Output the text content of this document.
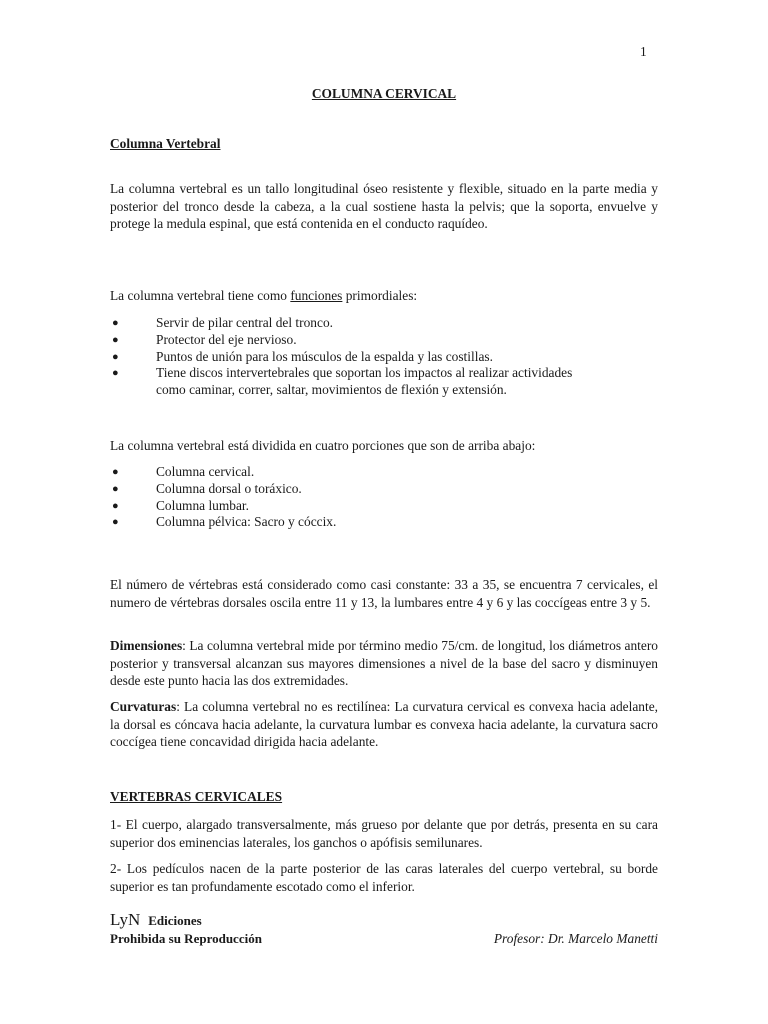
1
COLUMNA CERVICAL
Columna Vertebral

La columna vertebral es un tallo longitudinal óseo resistente y flexible, situado en la parte media y posterior del tronco desde la cabeza, a la cual sostiene hasta la pelvis; que la soporta, envuelve y protege la medula espinal, que está contenida en el conducto raquídeo.

La columna vertebral tiene como funciones primordiales:

●	Servir de pilar central del tronco.
●	Protector del eje nervioso.
●	Puntos de unión para los músculos de la espalda y las costillas.
●	Tiene discos intervertebrales que soportan los impactos al realizar actividades como caminar, correr, saltar, movimientos de flexión y extensión.

La columna vertebral está dividida en cuatro porciones que son de arriba abajo:

●	Columna cervical.
●	Columna dorsal o toráxico.
●	Columna lumbar.
●	Columna pélvica: Sacro y cóccix.

El número de vértebras está considerado como casi constante: 33 a 35, se encuentra 7 cervicales, el numero de vértebras dorsales oscila entre 11 y 13, la lumbares entre 4 y 6 y las coccígeas entre 3 y 5.

Dimensiones: La columna vertebral mide por término medio 75/cm. de longitud, los diámetros antero posterior y transversal alcanzan sus mayores dimensiones a nivel de la base del sacro y disminuyen desde este punto hacia las dos extremidades.

Curvaturas: La columna vertebral no es rectilínea: La curvatura cervical es convexa hacia adelante, la dorsal es cóncava hacia adelante, la curvatura lumbar es convexa hacia adelante, la curvatura sacro coccígea tiene concavidad dirigida hacia adelante.

VERTEBRAS CERVICALES

1- El cuerpo, alargado transversalmente, más grueso por delante que por detrás, presenta en su cara superior dos eminencias laterales, los ganchos o apófisis semilunares.

2- Los pedículos nacen de la parte posterior de las caras laterales del cuerpo vertebral, su borde superior es tan profundamente escotado como el inferior.

LyN Ediciones
Prohibida su Reproducción	Profesor: Dr. Marcelo Manetti
